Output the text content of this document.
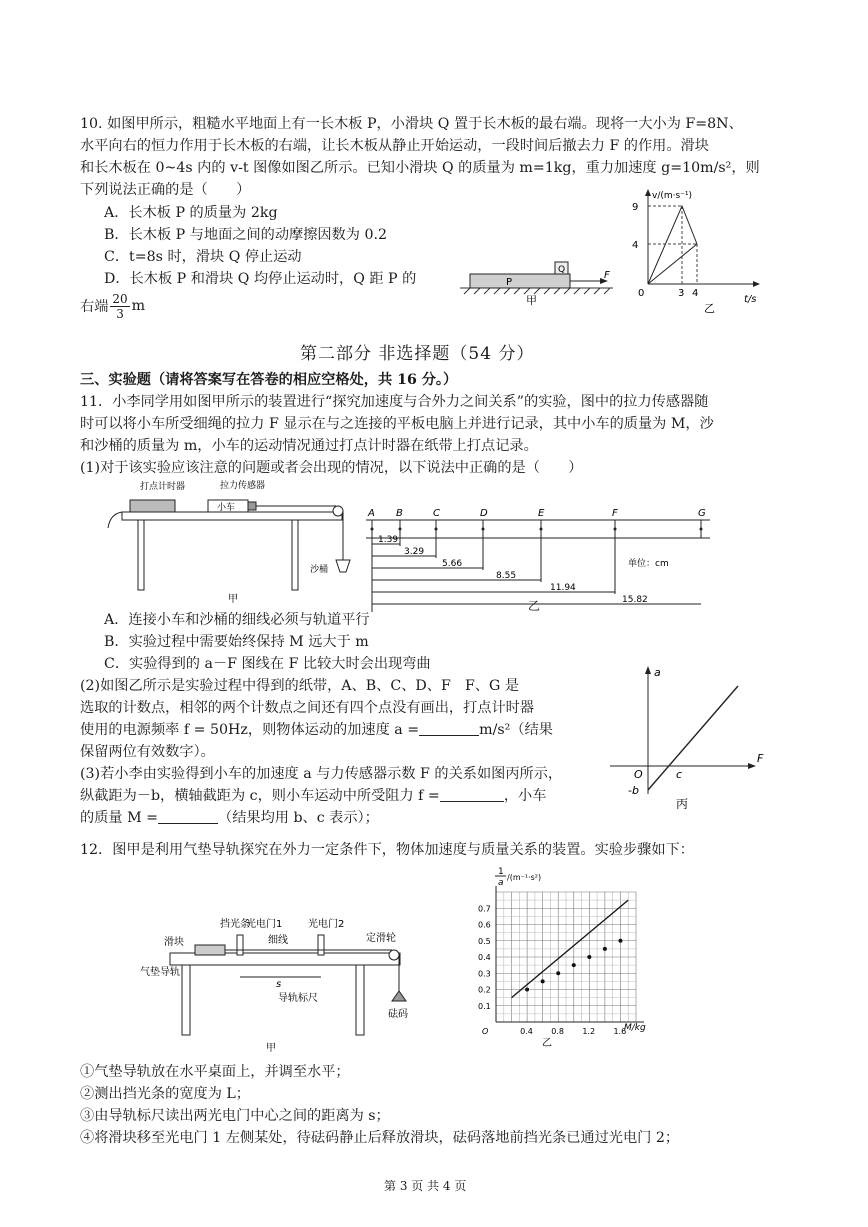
10. 如图甲所示，粗糙水平地面上有一长木板 P，小滑块 Q 置于长木板的最右端。现将一大小为 F=8N、
水平向右的恒力作用于长木板的右端，让长木板从静止开始运动，一段时间后撤去力 F 的作用。滑块
和长木板在 0~4s 内的 v-t 图像如图乙所示。已知小滑块 Q 的质量为 m=1kg，重力加速度 g=10m/s²，则
下列说法正确的是（　　）
A．长木板 P 的质量为 2kg
B．长木板 P 与地面之间的动摩擦因数为 0.2
C．t=8s 时，滑块 Q 停止运动
D．长木板 P 和滑块 Q 均停止运动时，Q 距 P 的
右端 $\frac{20}{3}$ m
P
Q	F
甲
v/(m·s⁻¹)
t/s
9
4
0	3 4
乙
第二部分 非选择题（54 分）
三、实验题（请将答案写在答卷的相应空格处，共 16 分。）
11．小李同学用如图甲所示的装置进行“探究加速度与合外力之间关系”的实验，图中的拉力传感器随
时可以将小车所受细绳的拉力 F 显示在与之连接的平板电脑上并进行记录，其中小车的质量为 M，沙
和沙桶的质量为 m，小车的运动情况通过打点计时器在纸带上打点记录。
(1)对于该实验应该注意的问题或者会出现的情况，以下说法中正确的是（　　）
打点计时器
小车
拉力传感器
沙桶
甲
A B	C	D	E	F	G
1.39
3.29
5.66
8.55
11.94
15.82
单位：cm
乙
A．连接小车和沙桶的细线必须与轨道平行
B．实验过程中需要始终保持 M 远大于 m
C．实验得到的 a－F 图线在 F 比较大时会出现弯曲
(2)如图乙所示是实验过程中得到的纸带，A、B、C、D、F　F、G 是
选取的计数点，相邻的两个计数点之间还有四个点没有画出，打点计时器
使用的电源频率 f = 50Hz，则物体运动的加速度 a =	m/s²（结果
保留两位有效数字）。
(3)若小李由实验得到小车的加速度 a 与力传感器示数 F 的关系如图丙所示，
纵截距为－b，横轴截距为 c，则小车运动中所受阻力 f =	，小车
的质量 M =	（结果均用 b、c 表示）；
a
F
O	c
-b
丙
12．图甲是利用气垫导轨探究在外力一定条件下，物体加速度与质量关系的装置。实验步骤如下：
滑块
挡光条
光电门1	光电门2
细线	定滑轮
砝码
s
导轨标尺
气垫导轨
甲
1
a
/(m⁻¹·s²)
0.7
0.6
0.5
0.4
0.3
0.2
0.1
O	0.4 0.8 1.2 1.6
M/kg
乙
①气垫导轨放在水平桌面上，并调至水平；
②测出挡光条的宽度为 L；
③由导轨标尺读出两光电门中心之间的距离为 s；
④将滑块移至光电门 1 左侧某处，待砝码静止后释放滑块，砝码落地前挡光条已通过光电门 2；
第 3 页 共 4 页
